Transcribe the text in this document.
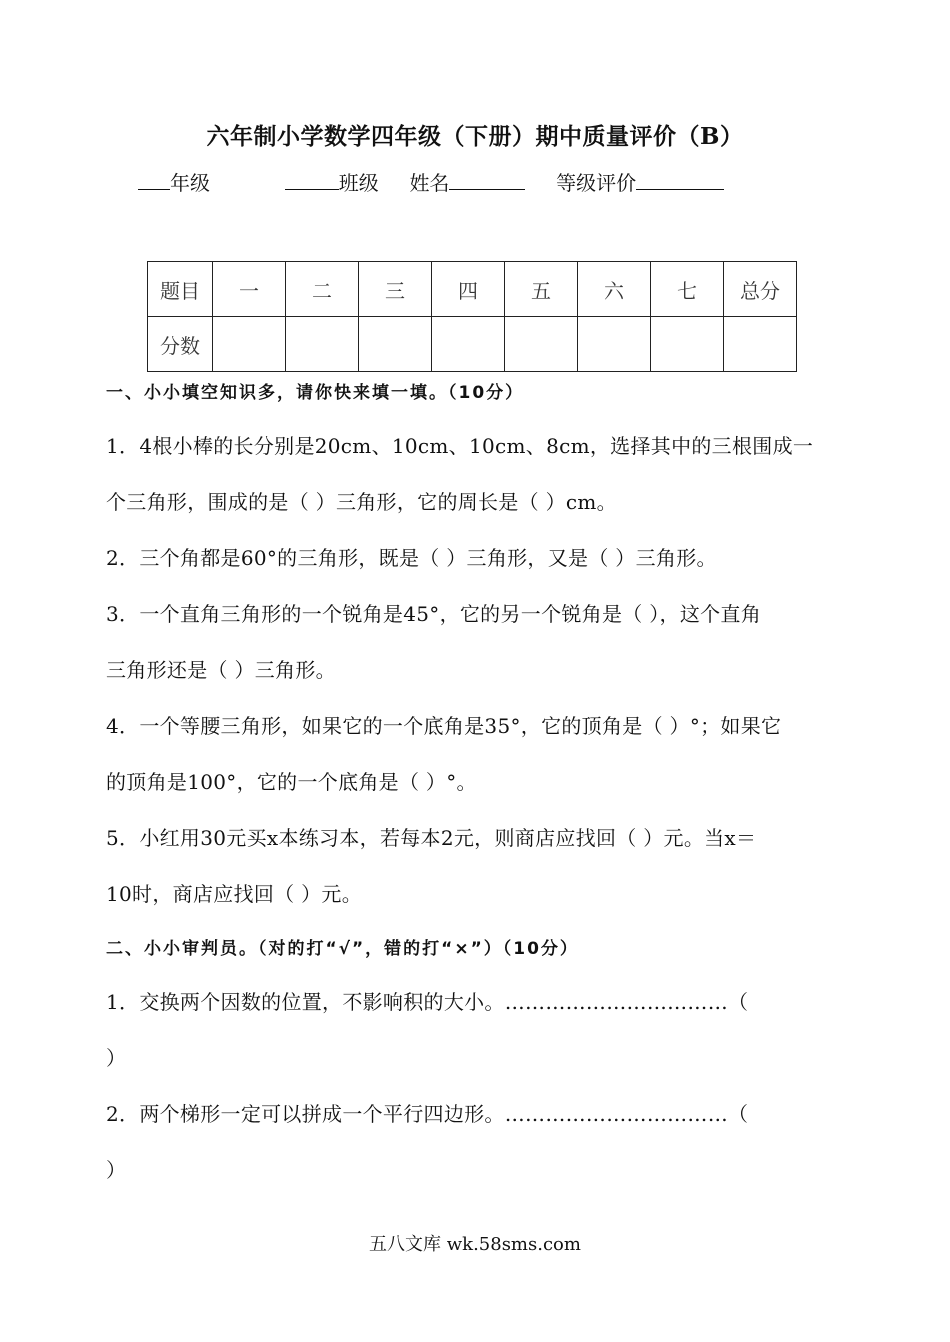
六年制小学数学四年级（下册）期中质量评价（B）
年级	班级 姓名	等级评价
题目	一	二	三	四	五	六	七	总分
分数								
一、小小填空知识多，请你快来填一填。（10分）
1．4根小棒的长分别是20cm、10cm、10cm、8cm，选择其中的三根围成一
个三角形，围成的是（ ）三角形，它的周长是（ ）cm。
2．三个角都是60°的三角形，既是（ ）三角形，又是（ ）三角形。
3．一个直角三角形的一个锐角是45°，它的另一个锐角是（ ），这个直角
三角形还是（ ）三角形。
4．一个等腰三角形，如果它的一个底角是35°，它的顶角是（ ）°；如果它
的顶角是100°，它的一个底角是（ ）°。
5．小红用30元买x本练习本，若每本2元，则商店应找回（ ）元。当x＝
10时，商店应找回（ ）元。
二、小小审判员。（对的打“√”，错的打“×”）（10分）
1．交换两个因数的位置，不影响积的大小。……………………………（
）
2．两个梯形一定可以拼成一个平行四边形。……………………………（
）
五八文库 wk.58sms.com
